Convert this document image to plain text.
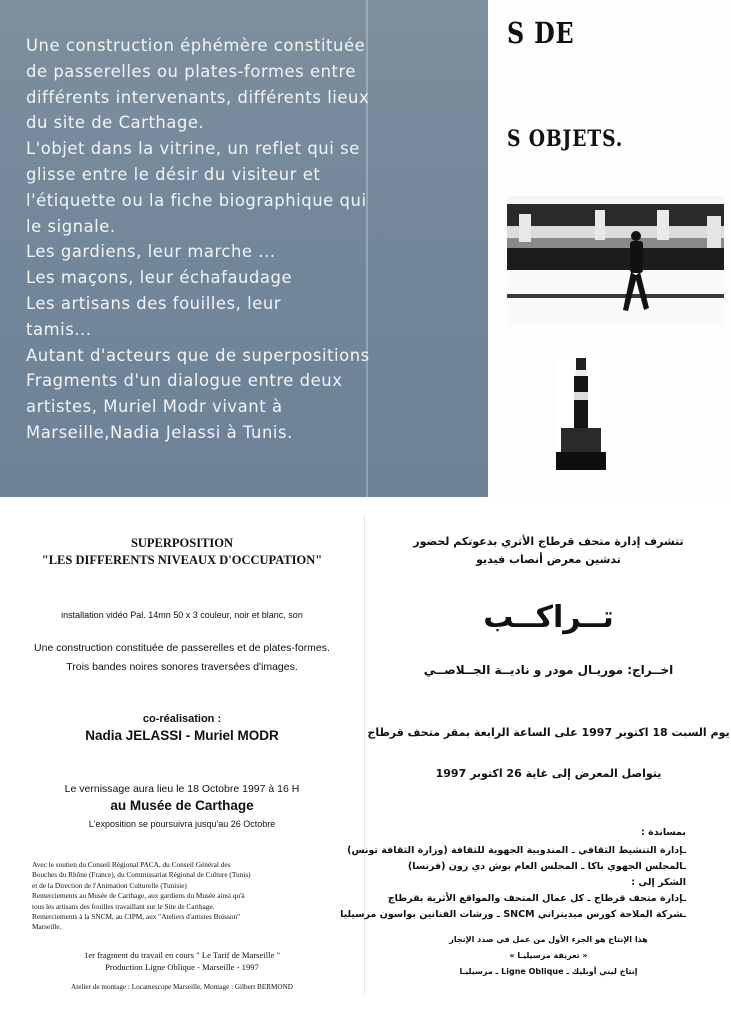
Une construction éphémère constituée

de passerelles ou plates-formes entre

différents intervenants, différents lieux

du site de Carthage.

L'objet dans la vitrine, un reflet qui se

glisse entre le désir du visiteur et

l'étiquette ou la fiche biographique qui

le signale.

Les gardiens, leur marche ...

Les maçons, leur échafaudage

Les artisans des fouilles, leur

tamis...

Autant d'acteurs que de superpositions

Fragments d'un dialogue entre deux

artistes, Muriel Modr vivant à

Marseille,Nadia Jelassi à Tunis.

S DE
S OBJETS.
SUPERPOSITION
"LES DIFFERENTS NIVEAUX D'OCCUPATION"
installation vidéo Pal. 14mn 50 x 3 couleur, noir et blanc, son
Une construction constituée de passerelles et de plates-formes.
Trois bandes noires sonores traversées d'images.
co-réalisation :
Nadia JELASSI - Muriel MODR
Le vernissage aura lieu le 18 Octobre 1997 à 16 H
au Musée de Carthage
L'exposition se poursuivra jusqu'au 26 Octobre
Avec le soutien du Conseil Régional PACA, du Conseil Général des
Bouches du Rhône (France), du Commissariat Régional de Culture (Tunis)
et de la Direction de l'Animation Culturelle (Tunisie)
Remerciements au Musée de Carthage, aux gardiens du Musée ainsi qu'à
tous les artisans des fouilles travaillant sur le Site de Carthage.
Remerciements à la SNCM, au CIPM, aux "Ateliers d'artistes Boisson"
Marseille.
1er fragment du travail en cours " Le Tarif de Marseille "
Production Ligne Oblique - Marseille - 1997
Atelier de montage : Locamescope Marseille, Montage : Gilbert BERMOND
تتشرف إدارة متحف قرطاج الأثري بدعوتكم لحضور
تدشين معرض أنصاب فيديو
تــراكــب
اخــراج: موريـال مودر و ناديــة الجــلاصــي
يوم السبت 18 اكتوبر 1997 على الساعة الرابعة بمقر متحف قرطاج
يتواصل المعرض إلى غاية 26 اكتوبر 1997
بمساندة :
ـإدارة التنشيط الثقافي ـ المندوبية الجهوية للثقافة (وزارة الثقافة تونس)
ـالمجلس الجهوي باكا ـ المجلس العام بوش دي رون (فرنسا)
الشكر إلى :
ـإدارة متحف قرطاج ـ كل عمال المتحف والمواقع الأثرية بقرطاج
ـشركة الملاحة كورس ميديتراني SNCM ـ ورشات الفنانين بواسون مرسيليا
هذا الإنتاج هو الجزء الأول من عمل في صدد الإنجاز
« تعريفة مرسيليـا »
إنتاج ليني أوبليك ـ Ligne Oblique ـ مرسيليـا
